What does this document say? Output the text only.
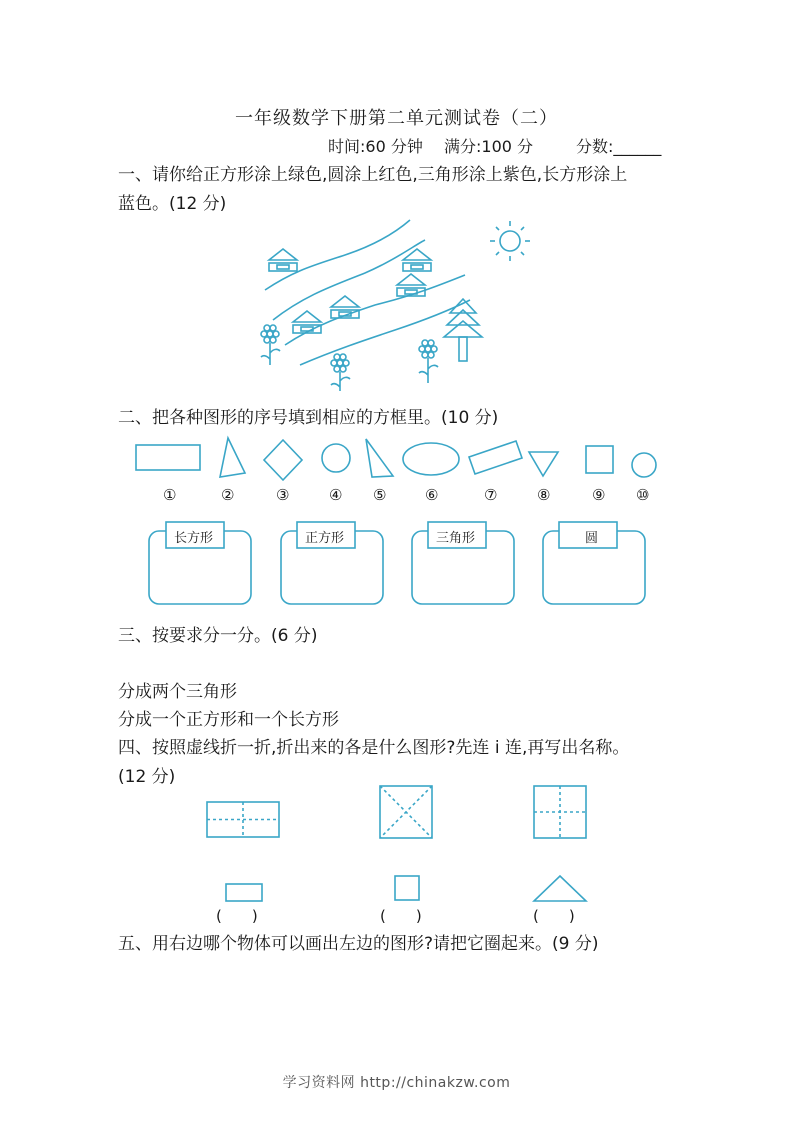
一年级数学下册第二单元测试卷（二）
时间:60 分钟 满分:100 分	分数:______
一、请你给正方形涂上绿色,圆涂上红色,三角形涂上紫色,长方形涂上
蓝色。(12 分)
二、把各种图形的序号填到相应的方框里。(10 分)
①	②	③	④ ⑤	⑥	⑦	⑧	⑨ ⑩
长方形	正方形	三角形	圆
三、按要求分一分。(6 分)
分成两个三角形
分成一个正方形和一个长方形
四、按照虚线折一折,折出来的各是什么图形?先连 i 连,再写出名称。
(12 分)
(　　)	(　　)	(　　)
五、用右边哪个物体可以画出左边的图形?请把它圈起来。(9 分)
学习资料网 http://chinakzw.com
